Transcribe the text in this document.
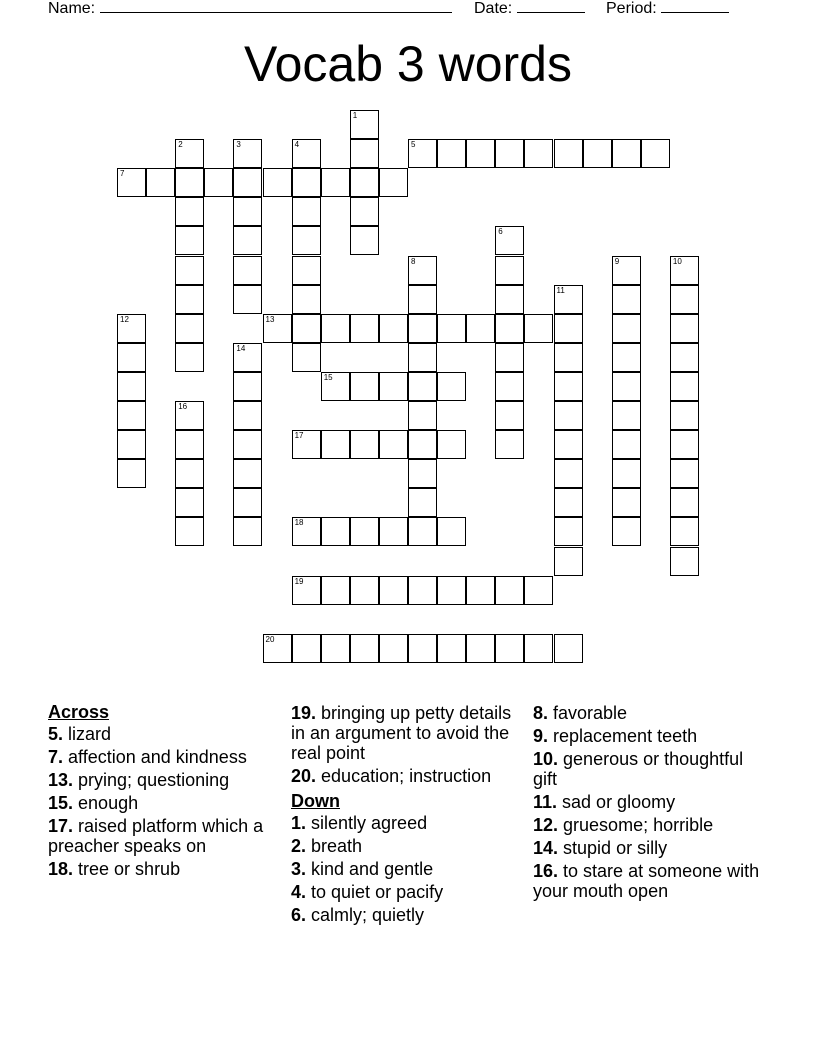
Name:	Date:	Period:
Vocab 3 words
1
2	3	4	5
6
7
8	9	10
11
12	13
14
15
16
17
18
19
20
Across
5. lizard
7. affection and kindness
13. prying; questioning
15. enough
17. raised platform which a preacher speaks on
18. tree or shrub
19. bringing up petty details in an argument to avoid the real point
20. education; instruction
Down
1. silently agreed
2. breath
3. kind and gentle
4. to quiet or pacify
6. calmly; quietly
8. favorable
9. replacement teeth
10. generous or thoughtful gift
11. sad or gloomy
12. gruesome; horrible
14. stupid or silly
16. to stare at someone with your mouth open
